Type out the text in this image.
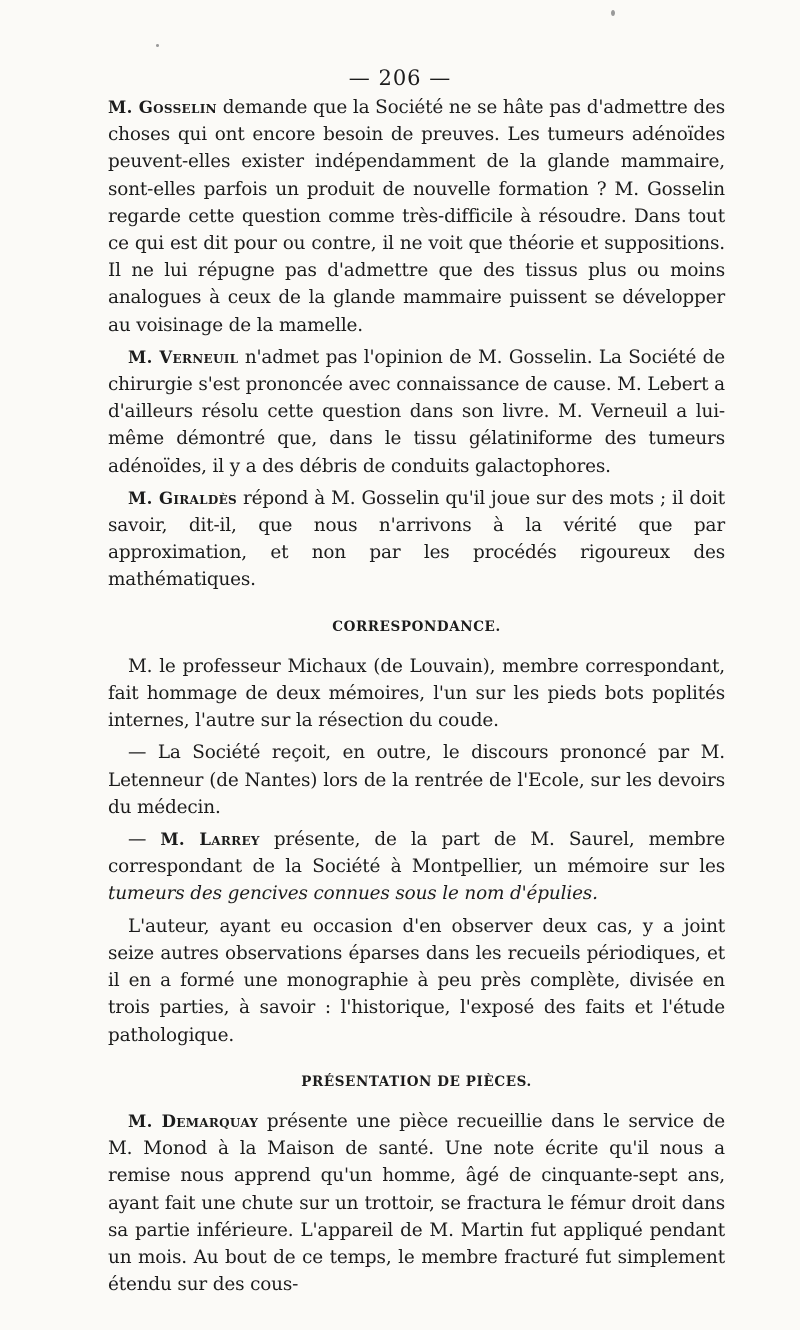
— 206 —

M. Gosselin demande que la Société ne se hâte pas d'admettre des choses qui ont encore besoin de preuves. Les tumeurs adénoïdes peuvent-elles exister indépendamment de la glande mammaire, sont-elles parfois un produit de nouvelle formation ? M. Gosselin regarde cette question comme très-difficile à résoudre. Dans tout ce qui est dit pour ou contre, il ne voit que théorie et suppositions. Il ne lui répugne pas d'admettre que des tissus plus ou moins analogues à ceux de la glande mammaire puissent se développer au voisinage de la mamelle.

M. Verneuil n'admet pas l'opinion de M. Gosselin. La Société de chirurgie s'est prononcée avec connaissance de cause. M. Lebert a d'ailleurs résolu cette question dans son livre. M. Verneuil a lui-même démontré que, dans le tissu gélatiniforme des tumeurs adénoïdes, il y a des débris de conduits galactophores.

M. Giraldès répond à M. Gosselin qu'il joue sur des mots ; il doit savoir, dit-il, que nous n'arrivons à la vérité que par approximation, et non par les procédés rigoureux des mathématiques.

CORRESPONDANCE.

M. le professeur Michaux (de Louvain), membre correspondant, fait hommage de deux mémoires, l'un sur les pieds bots poplités internes, l'autre sur la résection du coude.

— La Société reçoit, en outre, le discours prononcé par M. Letenneur (de Nantes) lors de la rentrée de l'Ecole, sur les devoirs du médecin.

— M. Larrey présente, de la part de M. Saurel, membre correspondant de la Société à Montpellier, un mémoire sur les tumeurs des gencives connues sous le nom d'épulies.

L'auteur, ayant eu occasion d'en observer deux cas, y a joint seize autres observations éparses dans les recueils périodiques, et il en a formé une monographie à peu près complète, divisée en trois parties, à savoir : l'historique, l'exposé des faits et l'étude pathologique.

PRÉSENTATION DE PIÈCES.

M. Demarquay présente une pièce recueillie dans le service de M. Monod à la Maison de santé. Une note écrite qu'il nous a remise nous apprend qu'un homme, âgé de cinquante-sept ans, ayant fait une chute sur un trottoir, se fractura le fémur droit dans sa partie inférieure. L'appareil de M. Martin fut appliqué pendant un mois. Au bout de ce temps, le membre fracturé fut simplement étendu sur des cous-
